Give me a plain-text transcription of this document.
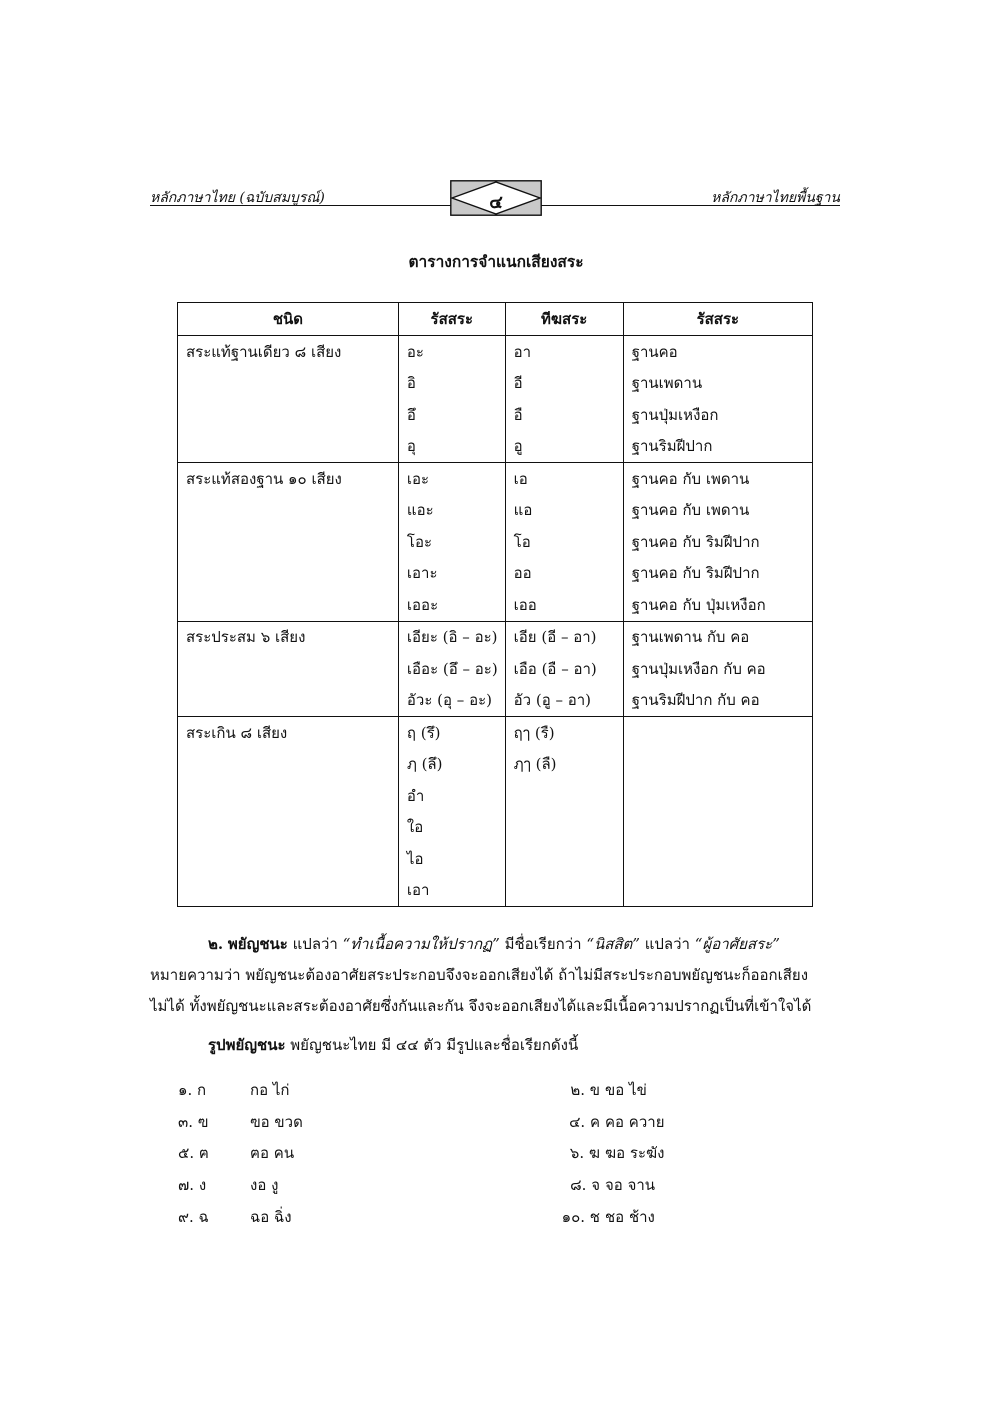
หลักภาษาไทย (ฉบับสมบูรณ์)	๔	หลักภาษาไทยพื้นฐาน
ตารางการจำแนกเสียงสระ
ชนิด	รัสสระ	ทีฆสระ	รัสสระ
สระแท้ฐานเดียว ๘ เสียง	อะ	อา	ฐานคอ
	อิ	อี	ฐานเพดาน
	อึ	อื	ฐานปุ่มเหงือก
	อุ	อู	ฐานริมฝีปาก
สระแท้สองฐาน ๑๐ เสียง	เอะ	เอ	ฐานคอ กับ เพดาน
	แอะ	แอ	ฐานคอ กับ เพดาน
	โอะ	โอ	ฐานคอ กับ ริมฝีปาก
	เอาะ	ออ	ฐานคอ กับ ริมฝีปาก
	เออะ	เออ	ฐานคอ กับ ปุ่มเหงือก
สระประสม ๖ เสียง	เอียะ (อิ – อะ)	เอีย (อี – อา)	ฐานเพดาน กับ คอ
	เอือะ (อึ – อะ)	เอือ (อื – อา)	ฐานปุ่มเหงือก กับ คอ
	อัวะ (อุ – อะ)	อัว (อู – อา)	ฐานริมฝีปาก กับ คอ
สระเกิน ๘ เสียง	ฤ (รึ)	ฤๅ (รื)	
	ฦ (ลึ)	ฦๅ (ลื)	
	อำ		
	ใอ		
	ไอ		
	เอา		
๒. พยัญชนะ แปลว่า “ทำเนื้อความให้ปรากฏ” มีชื่อเรียกว่า “นิสสิต” แปลว่า “ผู้อาศัยสระ”
หมายความว่า พยัญชนะต้องอาศัยสระประกอบจึงจะออกเสียงได้ ถ้าไม่มีสระประกอบพยัญชนะก็ออกเสียง
ไม่ได้ ทั้งพยัญชนะและสระต้องอาศัยซึ่งกันและกัน จึงจะออกเสียงได้และมีเนื้อความปรากฏเป็นที่เข้าใจได้
รูปพยัญชนะ พยัญชนะไทย มี ๔๔ ตัว มีรูปและชื่อเรียกดังนี้
๑. ก	กอ ไก่	๒. ข ขอ ไข่
๓. ฃ	ฃอ ขวด	๔. ค คอ ควาย
๕. ฅ	ฅอ คน	๖. ฆ ฆอ ระฆัง
๗. ง	งอ งู	๘. จ จอ จาน
๙. ฉ	ฉอ ฉิ่ง	๑๐. ช ชอ ช้าง
